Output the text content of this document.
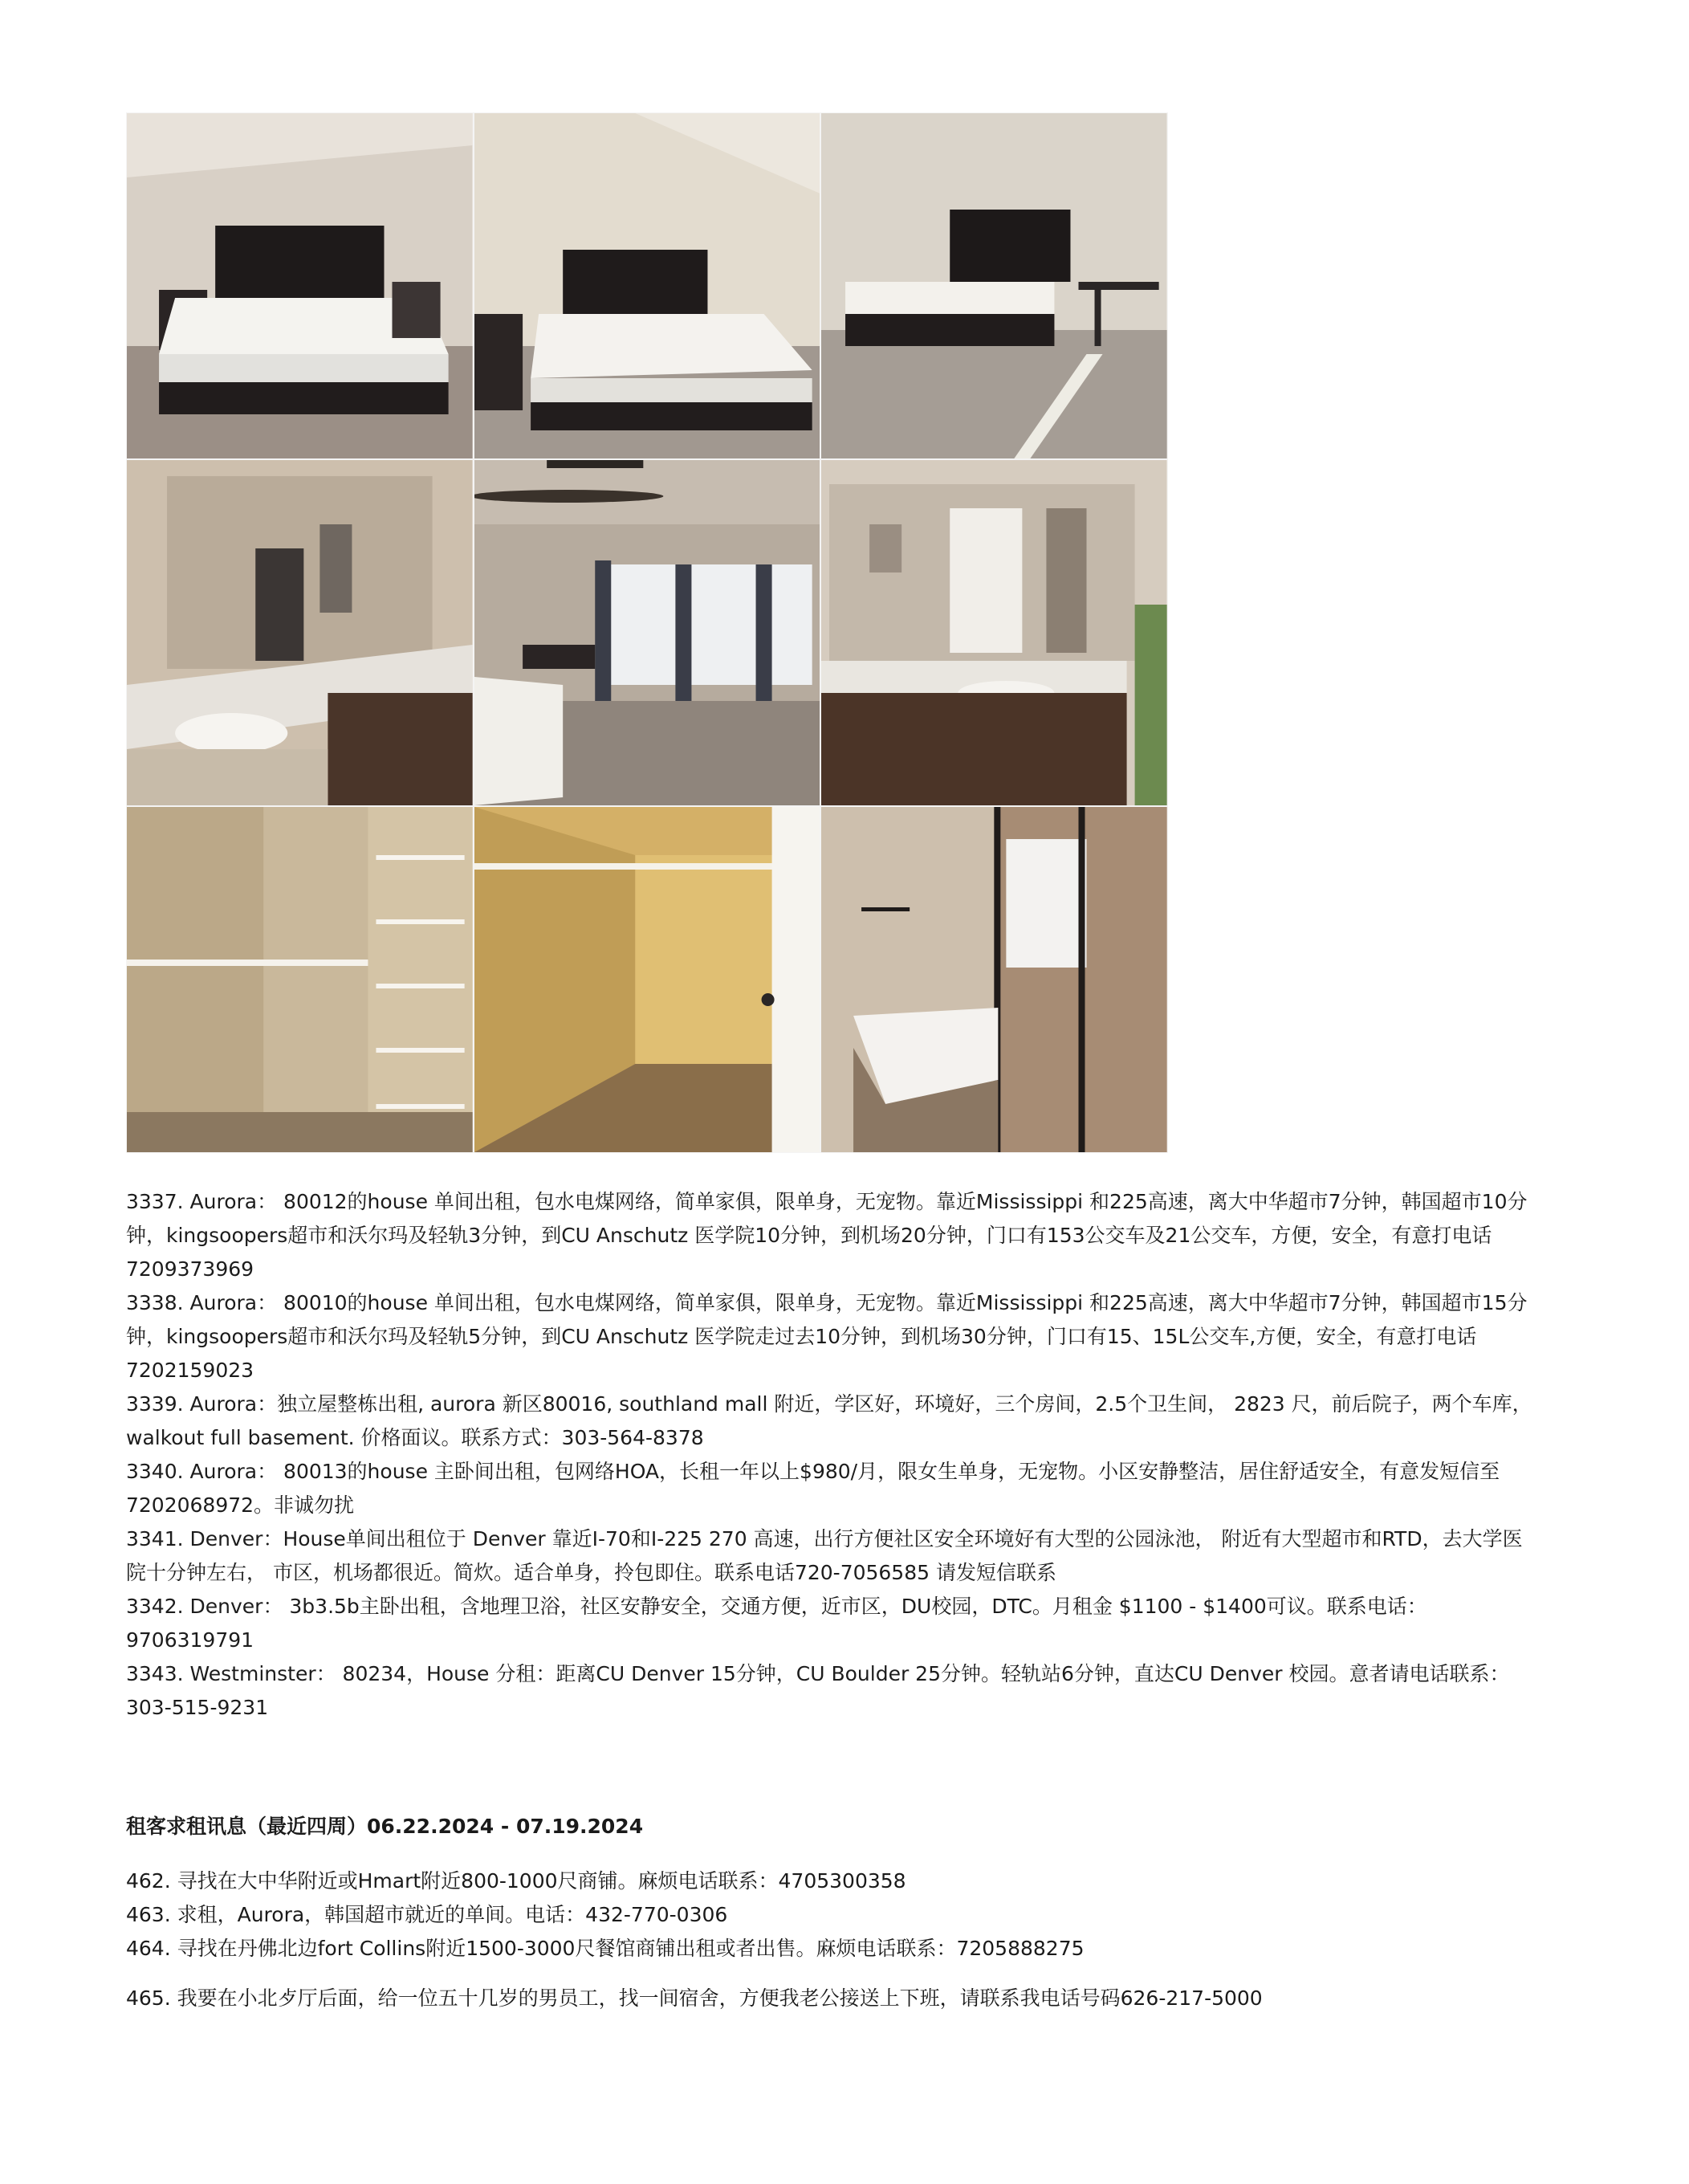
3337. Aurora： 80012的house 单间出租，包水电煤网络，简单家俱，限单身，无宠物。靠近Mississippi 和225高速，离大中华超市7分钟，韩国超市10分钟，kingsoopers超市和沃尔玛及轻轨3分钟，到CU Anschutz 医学院10分钟，到机场20分钟，门口有153公交车及21公交车，方便，安全，有意打电话7209373969

3338. Aurora： 80010的house 单间出租，包水电煤网络，简单家俱，限单身，无宠物。靠近Mississippi 和225高速，离大中华超市7分钟，韩国超市15分钟，kingsoopers超市和沃尔玛及轻轨5分钟，到CU Anschutz 医学院走过去10分钟，到机场30分钟，门口有15、15L公交车,方便，安全，有意打电话7202159023

3339. Aurora：独立屋整栋出租, aurora 新区80016, southland mall 附近，学区好，环境好，三个房间，2.5个卫生间， 2823 尺，前后院子，两个车库，walkout full basement. 价格面议。联系方式：303-564-8378

3340. Aurora： 80013的house 主卧间出租，包网络HOA，长租一年以上$980/月，限女生单身，无宠物。小区安静整洁，居住舒适安全，有意发短信至7202068972。非诚勿扰

3341. Denver：House单间出租位于 Denver 靠近I-70和I-225 270 高速，出行方便社区安全环境好有大型的公园泳池， 附近有大型超市和RTD，去大学医院十分钟左右， 市区，机场都很近。简炊。适合单身，拎包即住。联系电话720-7056585 请发短信联系

3342. Denver： 3b3.5b主卧出租，含地理卫浴，社区安静安全，交通方便，近市区，DU校园，DTC。月租金 $1100 - $1400可议。联系电话：9706319791

3343. Westminster： 80234，House 分租：距离CU Denver 15分钟，CU Boulder 25分钟。轻轨站6分钟，直达CU Denver 校园。意者请电话联系：303-515-9231

租客求租讯息（最近四周）06.22.2024 - 07.19.2024

462. 寻找在大中华附近或Hmart附近800-1000尺商铺。麻烦电话联系：4705300358

463. 求租，Aurora，韩国超市就近的单间。电话：432-770-0306

464. 寻找在丹佛北边fort Collins附近1500-3000尺餐馆商铺出租或者出售。麻烦电话联系：7205888275

465. 我要在小北歺厅后面，给一位五十几岁的男员工，找一间宿舍，方便我老公接送上下班，请联系我电话号码626-217-5000
